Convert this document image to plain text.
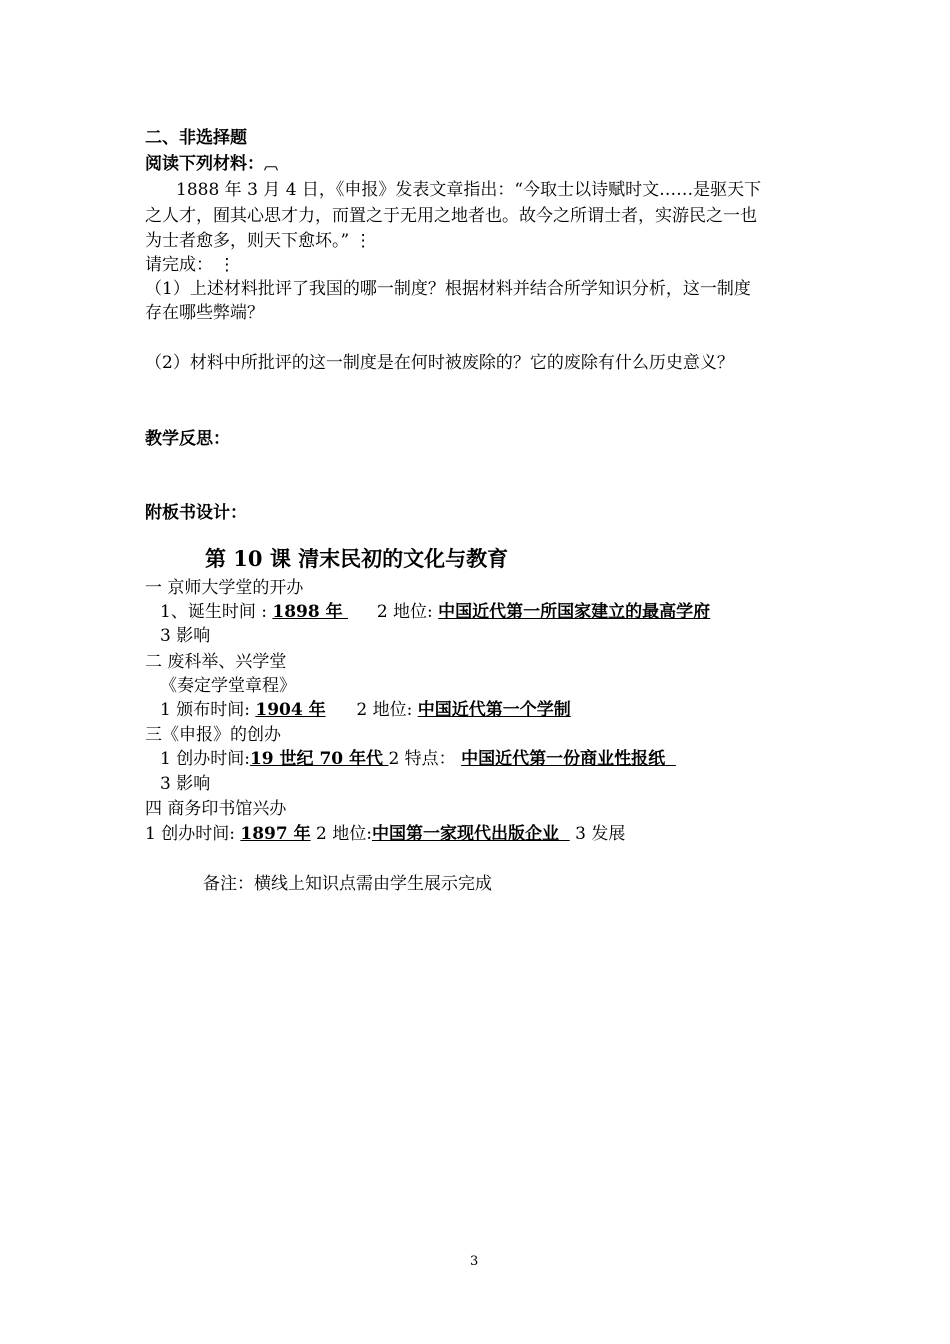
二、非选择题
阅读下列材料：︹
1888 年 3 月 4 日，《申报》发表文章指出：“今取士以诗赋时文……是驱天下
之人才，囿其心思才力，而置之于无用之地者也。故今之所谓士者，实游民之一也
为士者愈多，则天下愈坏。” ⋮
请完成： ⋮
（1）上述材料批评了我国的哪一制度？根据材料并结合所学知识分析，这一制度
存在哪些弊端？
（2）材料中所批评的这一制度是在何时被废除的？它的废除有什么历史意义？
教学反思：
附板书设计：
第 10 课 清末民初的文化与教育
一 京师大学堂的开办
1、诞生时间 : 1898 年 2 地位: 中国近代第一所国家建立的最高学府
3 影响
二 废科举、兴学堂
《奏定学堂章程》
1 颁布时间: 1904 年 2 地位: 中国近代第一个学制
三《申报》的创办
1 创办时间:19 世纪 70 年代 2 特点： 中国近代第一份商业性报纸
3 影响
四 商务印书馆兴办
1 创办时间: 1897 年 2 地位:中国第一家现代出版企业 3 发展
备注：横线上知识点需由学生展示完成
3
